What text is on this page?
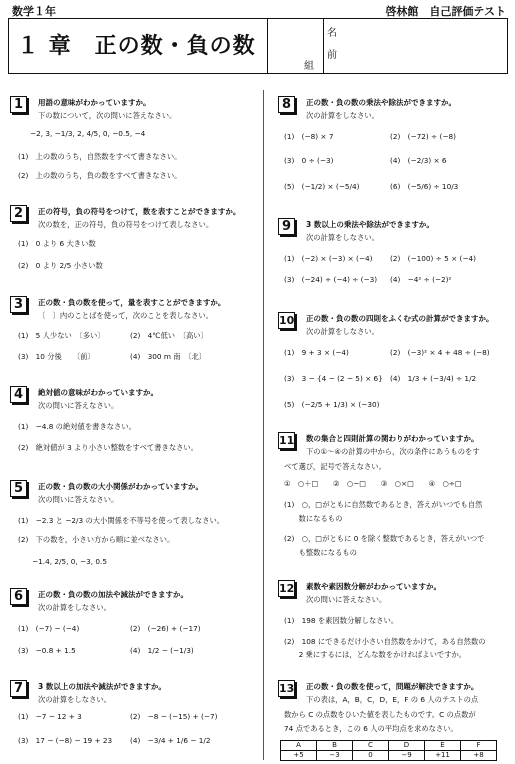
数学１年	啓林館　自己評価テスト
１ 章　正の数・負の数
組
名
前
1	用語の意味がわかっていますか。
下の数について，次の問いに答えなさい。
−2, 3, −1/3, 2, 4/5, 0, −0.5, −4
(1)　上の数のうち，自然数をすべて書きなさい。
(2)　上の数のうち，負の数をすべて書きなさい。
2	正の符号，負の符号をつけて，数を表すことができますか。
次の数を，正の符号，負の符号をつけて表しなさい。
(1)　0 より 6 大きい数
(2)　0 より 2/5 小さい数
3	正の数・負の数を使って，量を表すことができますか。
〔　〕内のことばを使って，次のことを表しなさい。
(1)　5 人少ない　〔多い〕	(2)　4℃低い　〔高い〕
(3)　10 分後　　〔前〕	(4)　300 m 南　〔北〕
4	絶対値の意味がわかっていますか。
次の問いに答えなさい。
(1)　−4.8 の絶対値を書きなさい。
(2)　絶対値が 3 より小さい整数をすべて書きなさい。
5	正の数・負の数の大小関係がわかっていますか。
次の問いに答えなさい。
(1)　−2.3 と −2/3 の大小関係を不等号を使って表しなさい。
(2)　下の数を，小さい方から順に並べなさい。
−1.4, 2/5, 0, −3, 0.5
6	正の数・負の数の加法や減法ができますか。
次の計算をしなさい。
(1)　(−7) − (−4)	(2)　(−26) + (−17)
(3)　−0.8 + 1.5	(4)　1/2 − (−1/3)
7	3 数以上の加法や減法ができますか。
次の計算をしなさい。
(1)　−7 − 12 + 3	(2)　−8 − (−15) + (−7)
(3)　17 − (−8) − 19 + 23 (4)　−3/4 + 1/6 − 1/2
8	正の数・負の数の乗法や除法ができますか。
次の計算をしなさい。
(1)　(−8) × 7	(2)　(−72) ÷ (−8)
(3)　0 ÷ (−3)	(4)　(−2/3) × 6
(5)　(−1/2) × (−5/4)	(6)　(−5/6) ÷ 10/3
9	3 数以上の乗法や除法ができますか。
次の計算をしなさい。
(1)　(−2) × (−3) × (−4) (2)　(−100) ÷ 5 × (−4)
(3)　(−24) ÷ (−4) ÷ (−3) (4)　−4² ÷ (−2)²
10 正の数・負の数の四則をふくむ式の計算ができますか。
次の計算をしなさい。
(1)　9 + 3 × (−4)	(2)　(−3)² × 4 + 48 ÷ (−8)
(3)　3 − {4 − (2 − 5) × 6} (4)　1/3 + (−3/4) ÷ 1/2
(5)　(−2/5 + 1/3) × (−30)
11 数の集合と四則計算の関わりがわかっていますか。
下の①〜④の計算の中から，次の条件にあうものをす
べて選び，記号で答えなさい。
①　○＋□　　②　○−□　　③　○×□　　④　○÷□
(1)　○，□がともに自然数であるとき，答えがいつでも自然
　　数になるもの
(2)　○，□がともに 0 を除く整数であるとき，答えがいつで
　　も整数になるもの
12 素数や素因数分解がわかっていますか。
次の問いに答えなさい。
(1)　198 を素因数分解しなさい。
(2)　108 にできるだけ小さい自然数をかけて，ある自然数の
　　2 乗にするには，どんな数をかければよいですか。
13 正の数・負の数を使って，問題が解決できますか。
下の表は，A，B，C，D，E，F の 6 人のテストの点
数から C の点数をひいた値を表したものです。C の点数が
74 点であるとき，この 6 人の平均点を求めなさい。
A	B	C	D	E	F
+5	−3	0	−9	+11	+8
